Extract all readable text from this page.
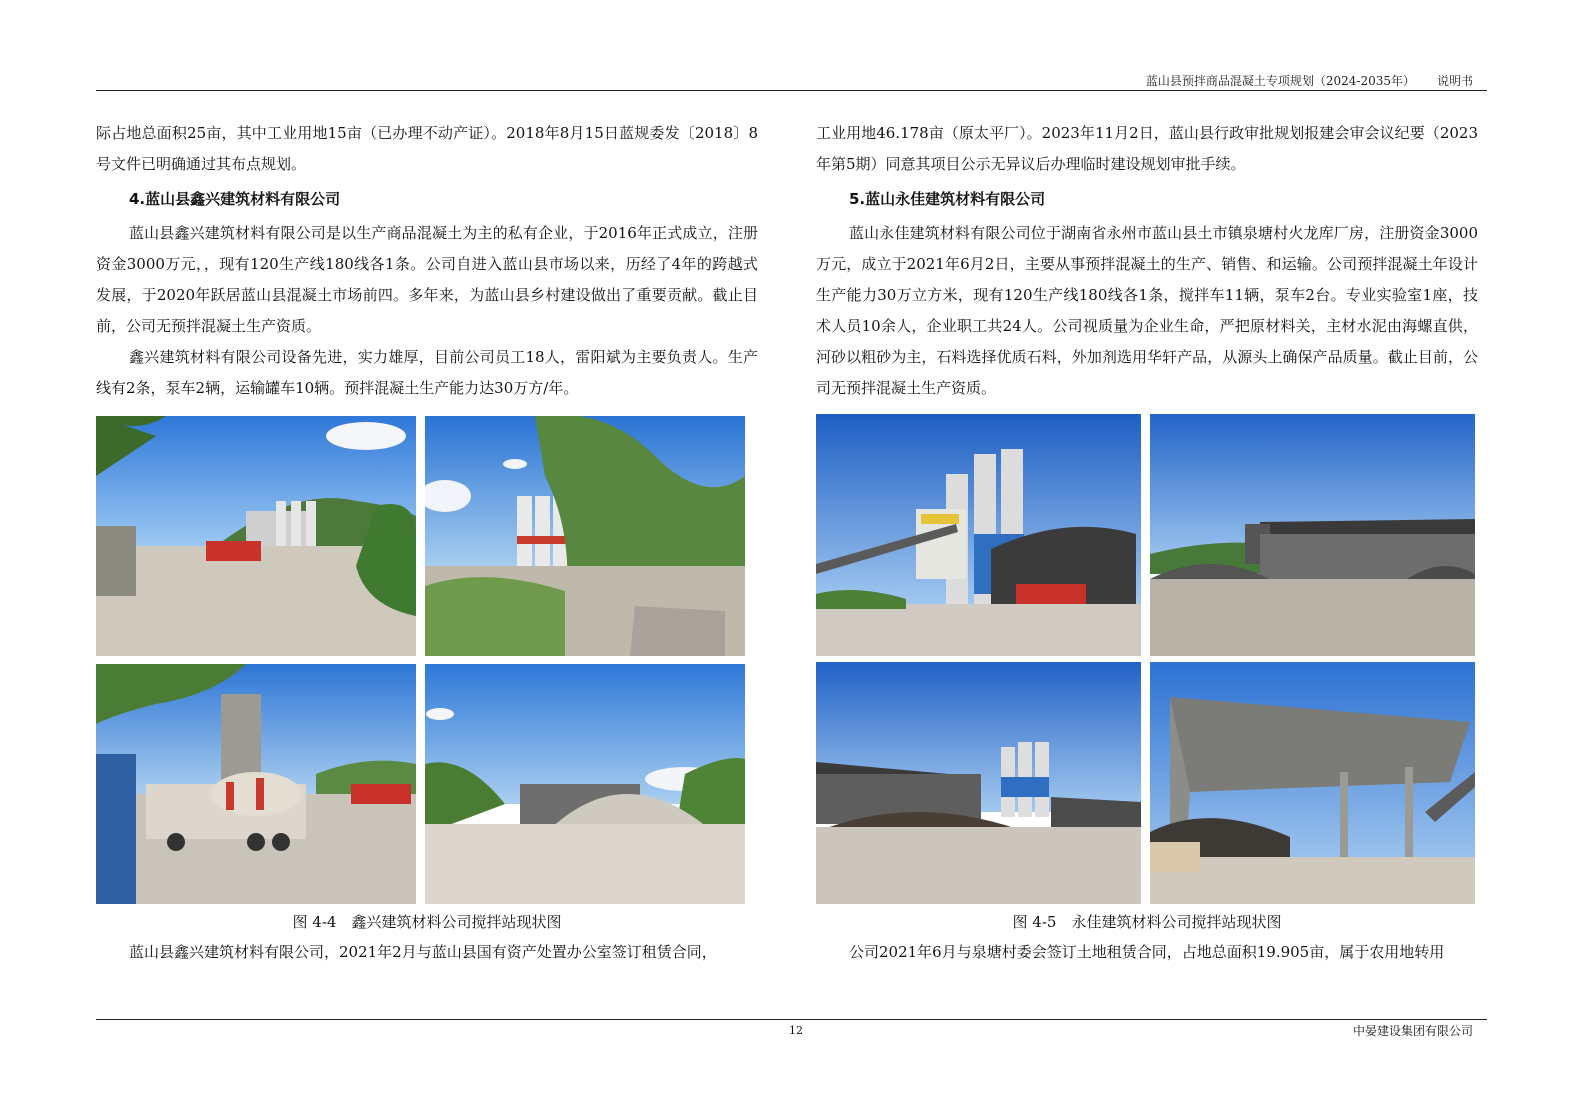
蓝山县预拌商品混凝土专项规划（2024-2035年） 说明书

际占地总面积25亩，其中工业用地15亩（已办理不动产证）。2018年8月15日蓝规委发〔2018〕8号文件已明确通过其布点规划。

4.蓝山县鑫兴建筑材料有限公司

蓝山县鑫兴建筑材料有限公司是以生产商品混凝土为主的私有企业，于2016年正式成立，注册资金3000万元，，现有120生产线180线各1条。公司自进入蓝山县市场以来，历经了4年的跨越式发展，于2020年跃居蓝山县混凝土市场前四。多年来，为蓝山县乡村建设做出了重要贡献。截止目前，公司无预拌混凝土生产资质。

鑫兴建筑材料有限公司设备先进，实力雄厚，目前公司员工18人，雷阳斌为主要负责人。生产线有2条，泵车2辆，运输罐车10辆。预拌混凝土生产能力达30万方/年。

图 4-4　鑫兴建筑材料公司搅拌站现状图
蓝山县鑫兴建筑材料有限公司，2021年2月与蓝山县国有资产处置办公室签订租赁合同，

工业用地46.178亩（原太平厂）。2023年11月2日，蓝山县行政审批规划报建会审会议纪要（2023年第5期）同意其项目公示无异议后办理临时建设规划审批手续。

5.蓝山永佳建筑材料有限公司

蓝山永佳建筑材料有限公司位于湖南省永州市蓝山县土市镇泉塘村火龙库厂房，注册资金3000万元，成立于2021年6月2日，主要从事预拌混凝土的生产、销售、和运输。公司预拌混凝土年设计生产能力30万立方米，现有120生产线180线各1条，搅拌车11辆，泵车2台。专业实验室1座，技术人员10余人，企业职工共24人。公司视质量为企业生命，严把原材料关，主材水泥由海螺直供，河砂以粗砂为主，石料选择优质石料，外加剂选用华轩产品，从源头上确保产品质量。截止目前，公司无预拌混凝土生产资质。

图 4-5　永佳建筑材料公司搅拌站现状图
公司2021年6月与泉塘村委会签订土地租赁合同，占地总面积19.905亩，属于农用地转用
12	中晏建设集团有限公司
